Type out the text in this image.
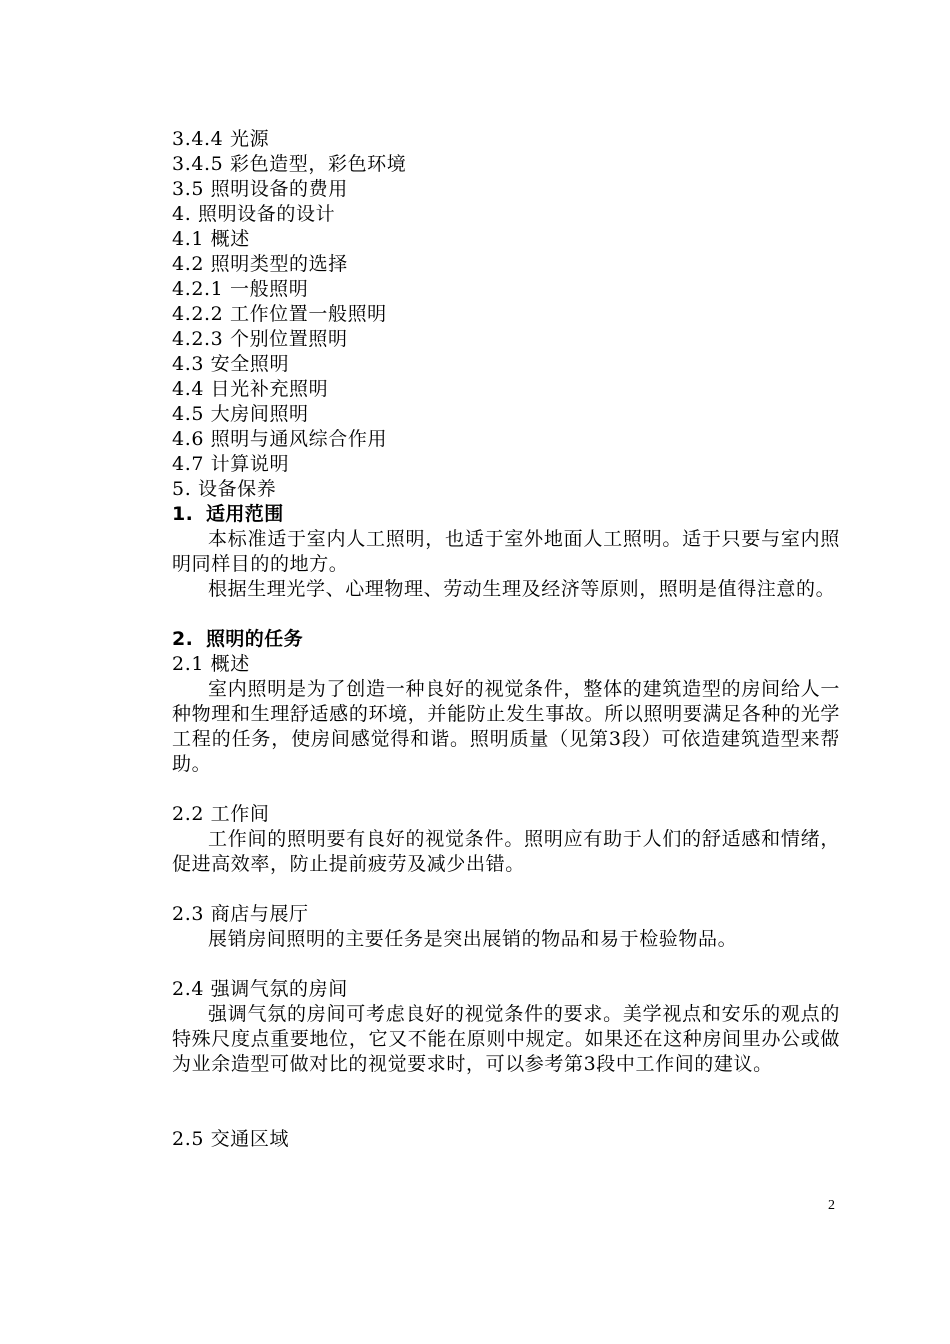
3.4.4 光源
3.4.5 彩色造型，彩色环境
3.5 照明设备的费用
4. 照明设备的设计
4.1 概述
4.2 照明类型的选择
4.2.1 一般照明
4.2.2 工作位置一般照明
4.2.3 个别位置照明
4.3 安全照明
4.4 日光补充照明
4.5 大房间照明
4.6 照明与通风综合作用
4.7 计算说明
5. 设备保养
1. 适用范围

本标准适于室内人工照明，也适于室外地面人工照明。适于只要与室内照明同样目的的地方。

根据生理光学、心理物理、劳动生理及经济等原则，照明是值得注意的。

2. 照明的任务
2.1 概述

室内照明是为了创造一种良好的视觉条件，整体的建筑造型的房间给人一种物理和生理舒适感的环境，并能防止发生事故。所以照明要满足各种的光学工程的任务，使房间感觉得和谐。照明质量（见第3段）可依造建筑造型来帮助。

2.2 工作间

工作间的照明要有良好的视觉条件。照明应有助于人们的舒适感和情绪，促进高效率，防止提前疲劳及减少出错。

2.3 商店与展厅

展销房间照明的主要任务是突出展销的物品和易于检验物品。

2.4 强调气氛的房间

强调气氛的房间可考虑良好的视觉条件的要求。美学视点和安乐的观点的特殊尺度点重要地位，它又不能在原则中规定。如果还在这种房间里办公或做为业余造型可做对比的视觉要求时，可以参考第3段中工作间的建议。

2.5 交通区域
2
